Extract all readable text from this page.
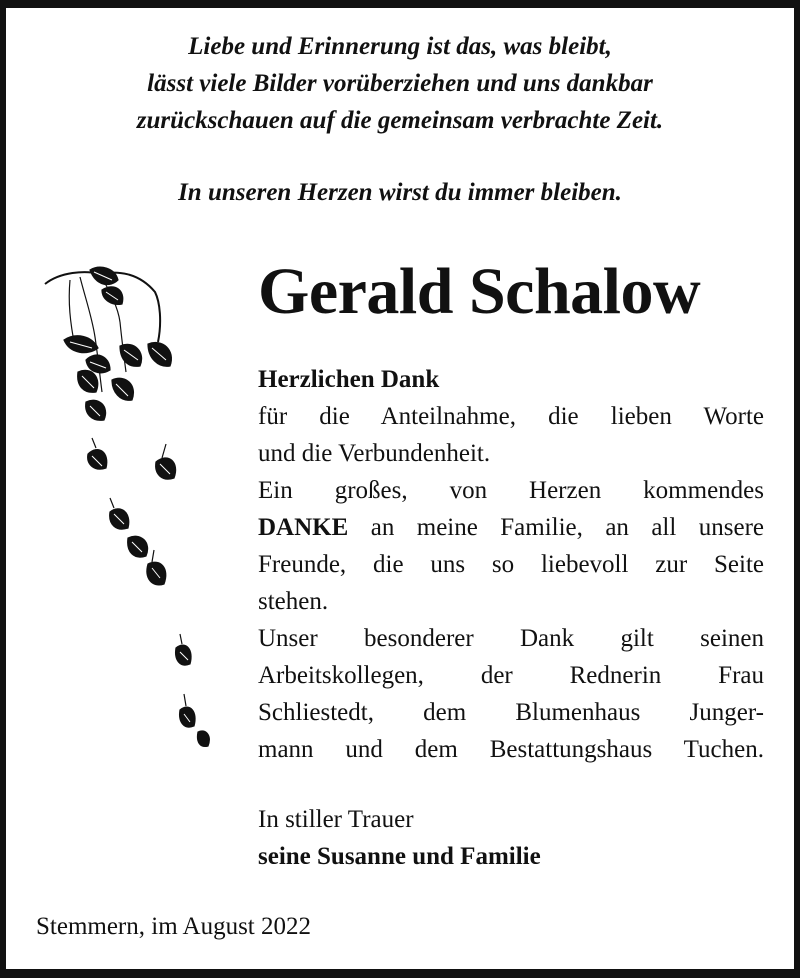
Liebe und Erinnerung ist das, was bleibt,
lässt viele Bilder vorüberziehen und uns dankbar
zurückschauen auf die gemeinsam verbrachte Zeit.
In unseren Herzen wirst du immer bleiben.
Gerald Schalow
Herzlichen Dank
für die Anteilnahme, die lieben Worte
und die Verbundenheit.
Ein großes, von Herzen kommendes
DANKE an meine Familie, an all unsere
Freunde, die uns so liebevoll zur Seite
stehen.
Unser besonderer Dank gilt seinen
Arbeitskollegen, der Rednerin Frau
Schliestedt, dem Blumenhaus Junger-
mann und dem Bestattungshaus Tuchen.
In stiller Trauer
seine Susanne und Familie
Stemmern, im August 2022
